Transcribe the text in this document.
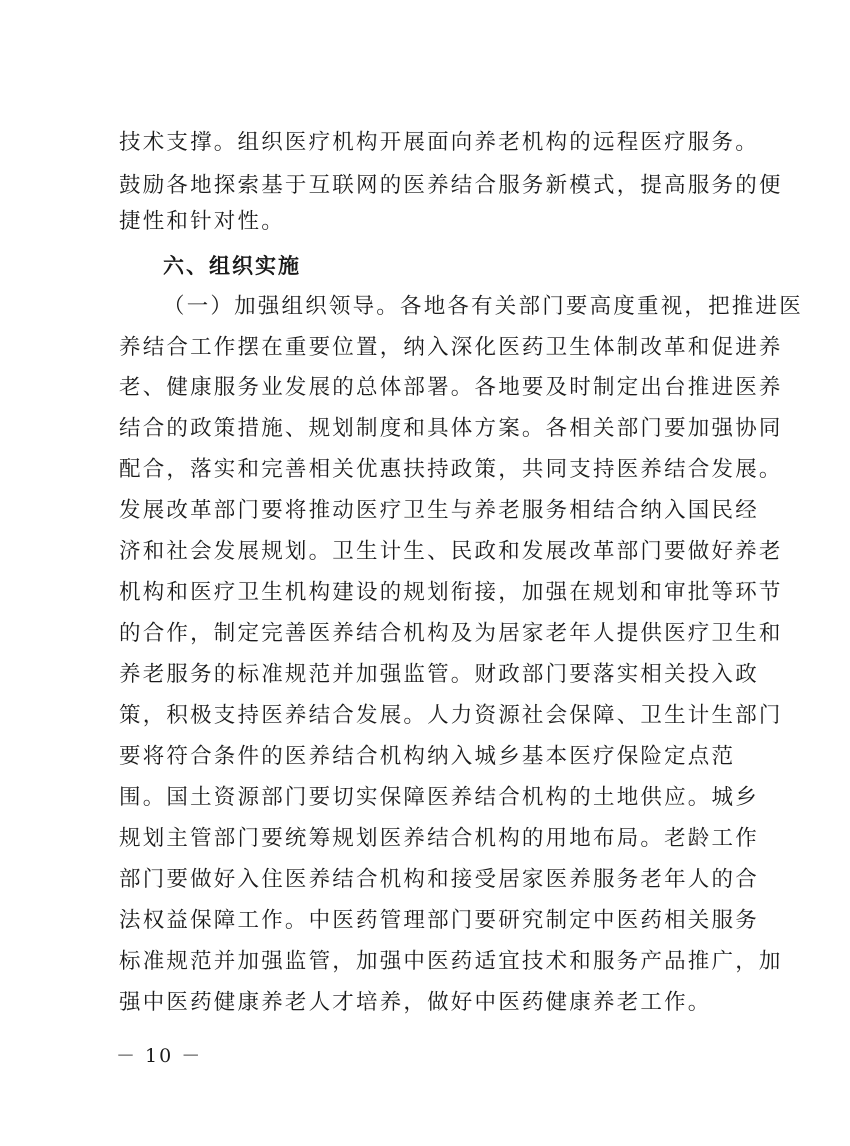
技术支撑。组织医疗机构开展面向养老机构的远程医疗服务。
鼓励各地探索基于互联网的医养结合服务新模式，提高服务的便
捷性和针对性。
六、组织实施
（一）加强组织领导。各地各有关部门要高度重视，把推进医
养结合工作摆在重要位置，纳入深化医药卫生体制改革和促进养
老、健康服务业发展的总体部署。各地要及时制定出台推进医养
结合的政策措施、规划制度和具体方案。各相关部门要加强协同
配合，落实和完善相关优惠扶持政策，共同支持医养结合发展。
发展改革部门要将推动医疗卫生与养老服务相结合纳入国民经
济和社会发展规划。卫生计生、民政和发展改革部门要做好养老
机构和医疗卫生机构建设的规划衔接，加强在规划和审批等环节
的合作，制定完善医养结合机构及为居家老年人提供医疗卫生和
养老服务的标准规范并加强监管。财政部门要落实相关投入政
策，积极支持医养结合发展。人力资源社会保障、卫生计生部门
要将符合条件的医养结合机构纳入城乡基本医疗保险定点范
围。国土资源部门要切实保障医养结合机构的土地供应。城乡
规划主管部门要统筹规划医养结合机构的用地布局。老龄工作
部门要做好入住医养结合机构和接受居家医养服务老年人的合
法权益保障工作。中医药管理部门要研究制定中医药相关服务
标准规范并加强监管，加强中医药适宜技术和服务产品推广，加
强中医药健康养老人才培养，做好中医药健康养老工作。
－ 10 －
